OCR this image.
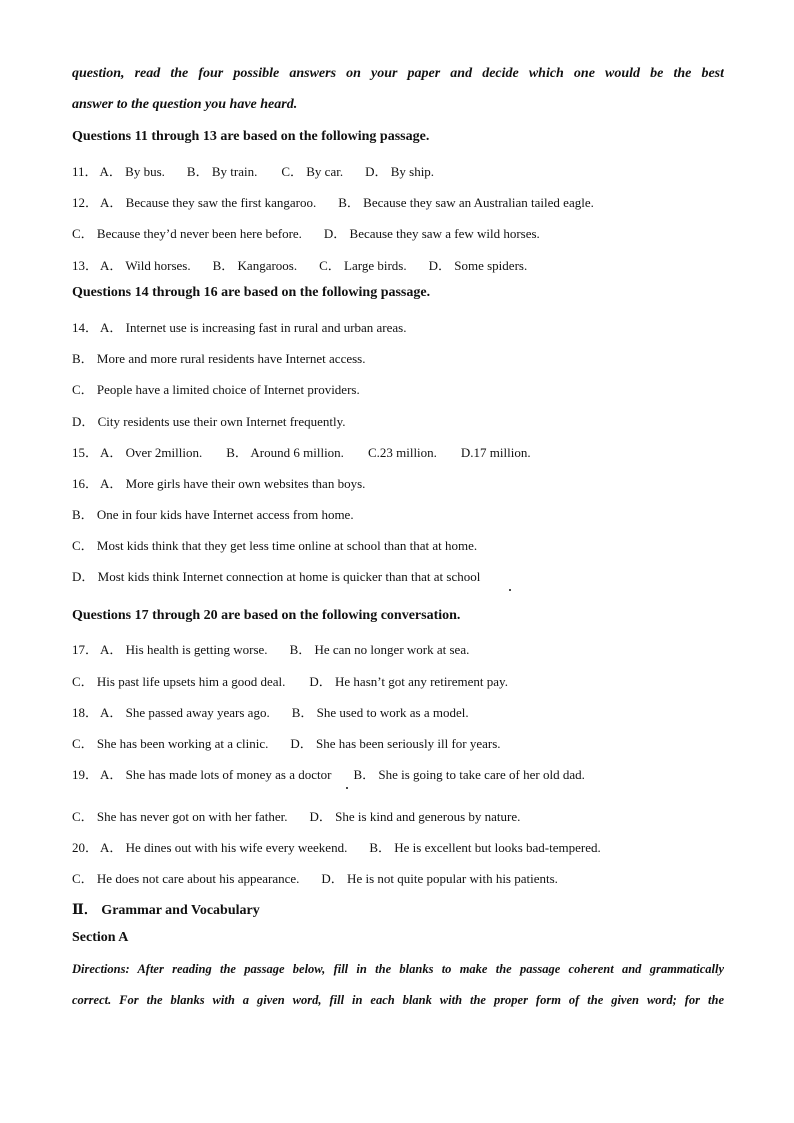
question, read the four possible answers on your paper and decide which one would be the best
answer to the question you have heard.
Questions 11 through 13 are based on the following passage.
11． A． By bus. B． By train. C． By car. D． By ship.
12． A． Because they saw the first kangaroo. B． Because they saw an Australian tailed eagle.
C． Because they’d never been here before. D． Because they saw a few wild horses.
13． A． Wild horses. B． Kangaroos. C． Large birds. D． Some spiders.
Questions 14 through 16 are based on the following passage.
14． A． Internet use is increasing fast in rural and urban areas.
B． More and more rural residents have Internet access.
C． People have a limited choice of Internet providers.
D． City residents use their own Internet frequently.
15． A． Over 2million. B． Around 6 million. C.23 million. D.17 million.
16． A． More girls have their own websites than boys.
B． One in four kids have Internet access from home.
C． Most kids think that they get less time online at school than that at home.
D． Most kids think Internet connection at home is quicker than that at school
Questions 17 through 20 are based on the following conversation.
17． A． His health is getting worse. B． He can no longer work at sea.
C． His past life upsets him a good deal. D． He hasn’t got any retirement pay.
18． A． She passed away years ago. B． She used to work as a model.
C． She has been working at a clinic. D． She has been seriously ill for years.
19． A． She has made lots of money as a doctor B． She is going to take care of her old dad.
C． She has never got on with her father. D． She is kind and generous by nature.
20． A． He dines out with his wife every weekend. B． He is excellent but looks bad-tempered.
C． He does not care about his appearance. D． He is not quite popular with his patients.
Ⅱ． Grammar and Vocabulary
Section A
Directions: After reading the passage below, fill in the blanks to make the passage coherent and grammatically
correct. For the blanks with a given word, fill in each blank with the proper form of the given word; for the
